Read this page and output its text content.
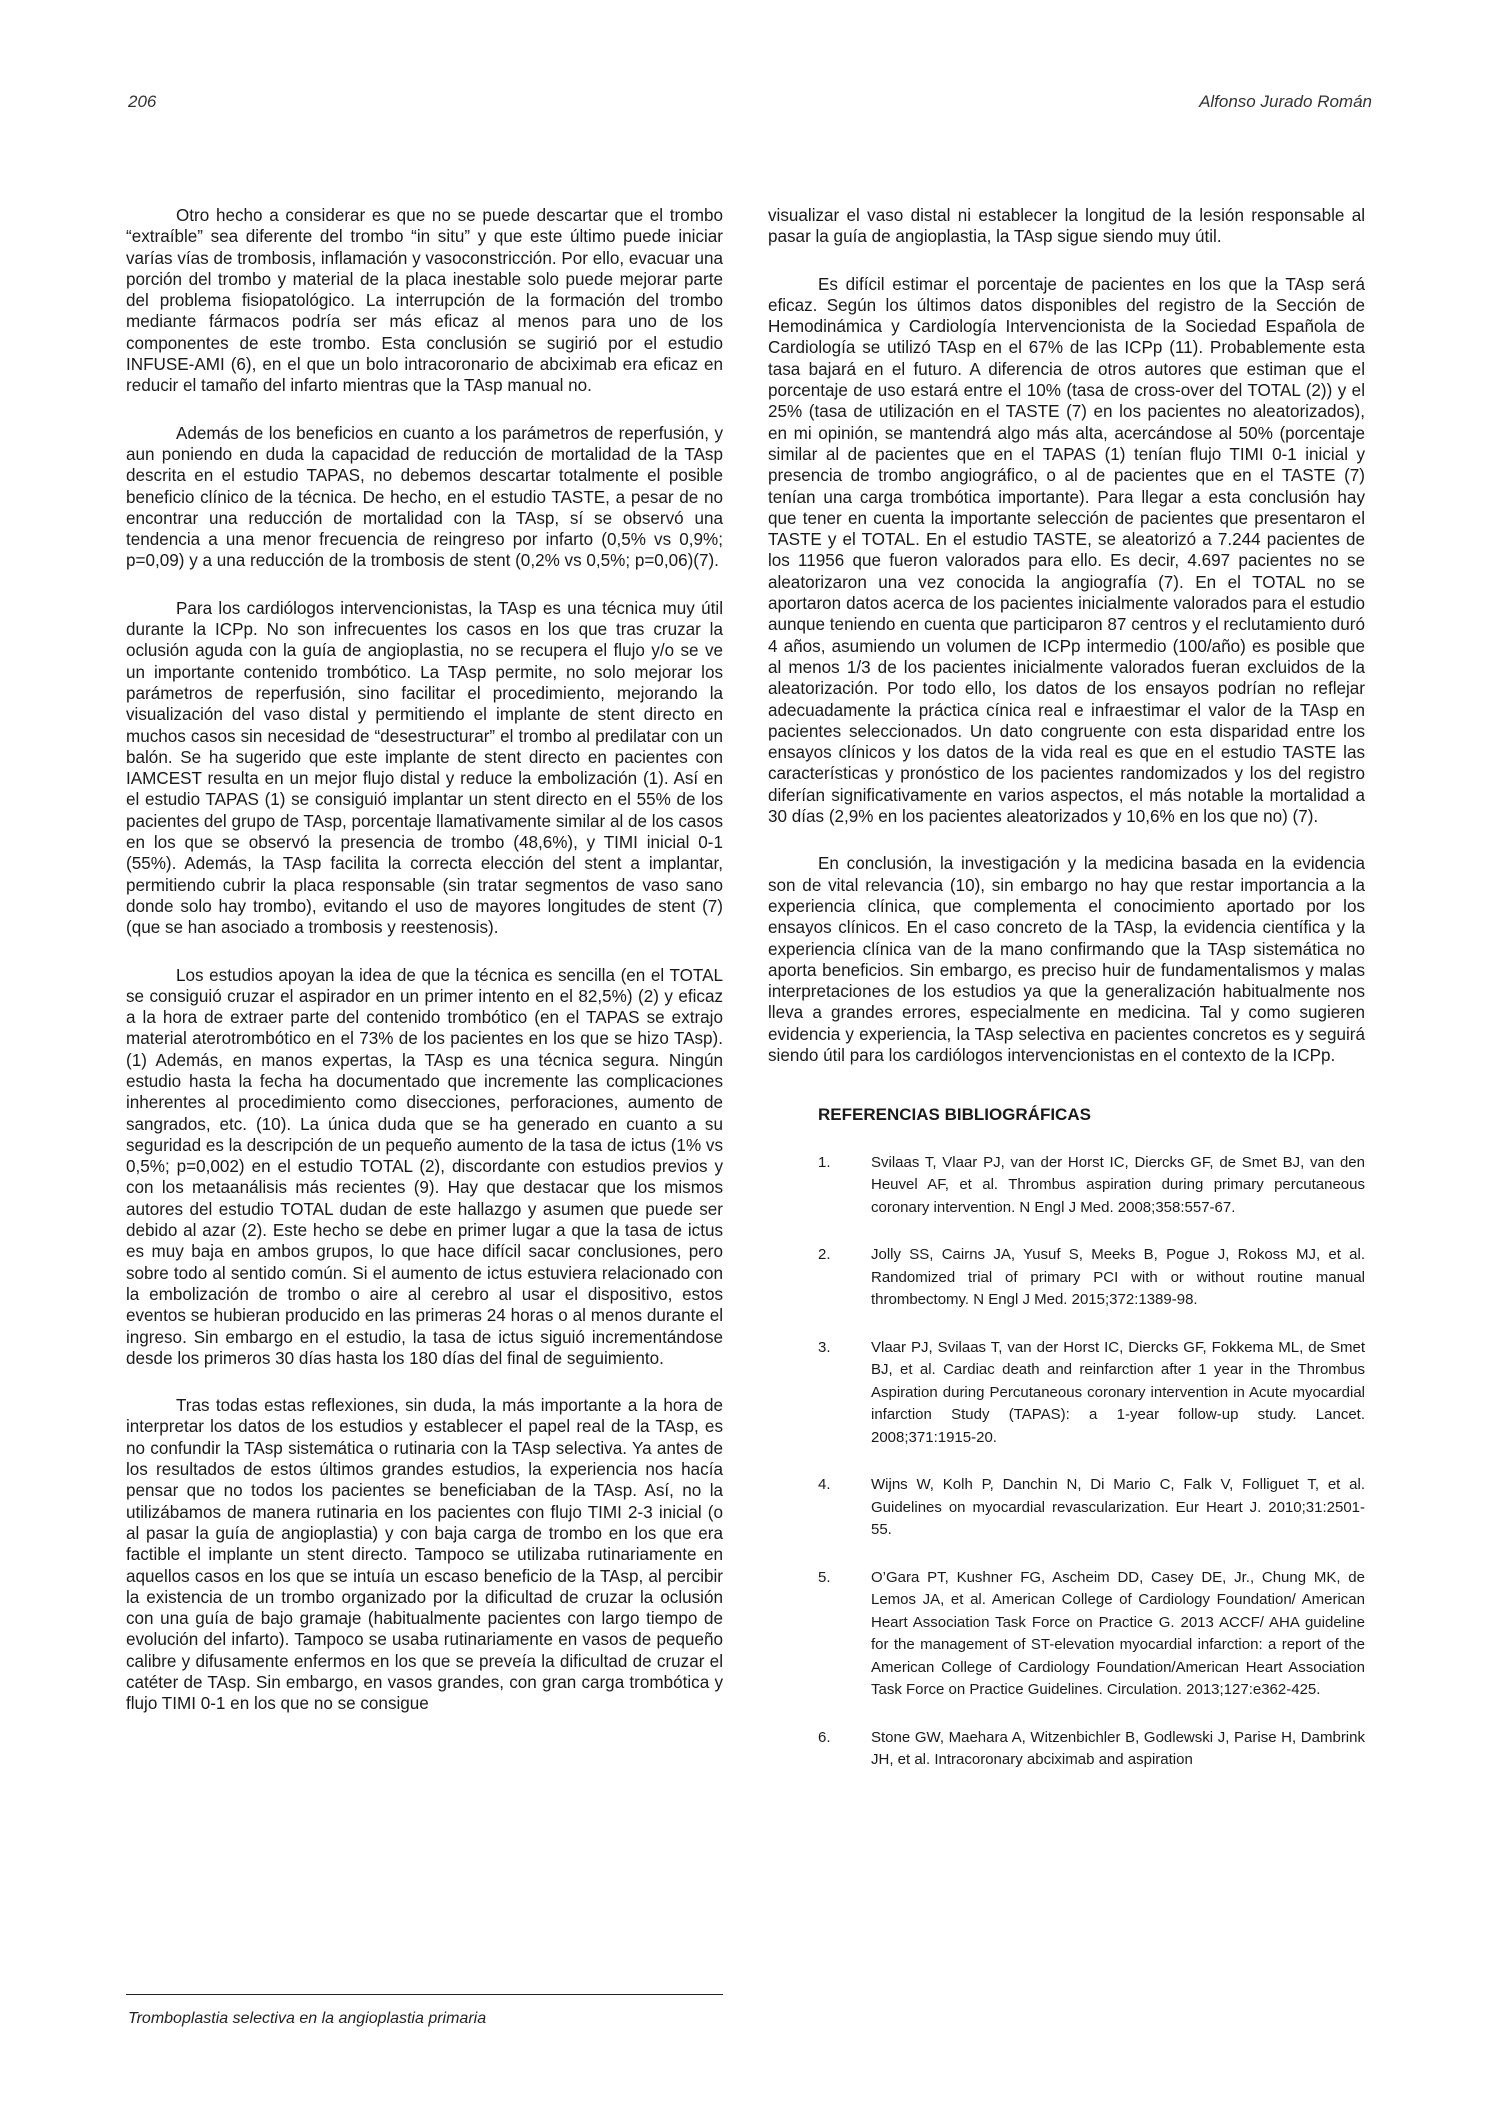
206	Alfonso Jurado Román

Otro hecho a considerar es que no se puede descartar que el trombo “extraíble” sea diferente del trombo “in situ” y que este último puede iniciar varías vías de trombosis, inflamación y vasoconstricción. Por ello, evacuar una porción del trombo y material de la placa inestable solo puede mejorar parte del problema fisiopatológico. La interrupción de la formación del trombo mediante fármacos podría ser más eficaz al menos para uno de los componentes de este trombo. Esta conclusión se sugirió por el estudio INFUSE-AMI (6), en el que un bolo intracoronario de abciximab era eficaz en reducir el tamaño del infarto mientras que la TAsp manual no.

Además de los beneficios en cuanto a los parámetros de reperfusión, y aun poniendo en duda la capacidad de reducción de mortalidad de la TAsp descrita en el estudio TAPAS, no debemos descartar totalmente el posible beneficio clínico de la técnica. De hecho, en el estudio TASTE, a pesar de no encontrar una reducción de mortalidad con la TAsp, sí se observó una tendencia a una menor frecuencia de reingreso por infarto (0,5% vs 0,9%; p=0,09) y a una reducción de la trombosis de stent (0,2% vs 0,5%; p=0,06)(7).

Para los cardiólogos intervencionistas, la TAsp es una técnica muy útil durante la ICPp. No son infrecuentes los casos en los que tras cruzar la oclusión aguda con la guía de angioplastia, no se recupera el flujo y/o se ve un importante contenido trombótico. La TAsp permite, no solo mejorar los parámetros de reperfusión, sino facilitar el procedimiento, mejorando la visualización del vaso distal y permitiendo el implante de stent directo en muchos casos sin necesidad de “desestructurar” el trombo al predilatar con un balón. Se ha sugerido que este implante de stent directo en pacientes con IAMCEST resulta en un mejor flujo distal y reduce la embolización (1). Así en el estudio TAPAS (1) se consiguió implantar un stent directo en el 55% de los pacientes del grupo de TAsp, porcentaje llamativamente similar al de los casos en los que se observó la presencia de trombo (48,6%), y TIMI inicial 0-1 (55%). Además, la TAsp facilita la correcta elección del stent a implantar, permitiendo cubrir la placa responsable (sin tratar segmentos de vaso sano donde solo hay trombo), evitando el uso de mayores longitudes de stent (7) (que se han asociado a trombosis y reestenosis).

Los estudios apoyan la idea de que la técnica es sencilla (en el TOTAL se consiguió cruzar el aspirador en un primer intento en el 82,5%) (2) y eficaz a la hora de extraer parte del contenido trombótico (en el TAPAS se extrajo material aterotrombótico en el 73% de los pacientes en los que se hizo TAsp).(1) Además, en manos expertas, la TAsp es una técnica segura. Ningún estudio hasta la fecha ha documentado que incremente las complicaciones inherentes al procedimiento como disecciones, perforaciones, aumento de sangrados, etc. (10). La única duda que se ha generado en cuanto a su seguridad es la descripción de un pequeño aumento de la tasa de ictus (1% vs 0,5%; p=0,002) en el estudio TOTAL (2), discordante con estudios previos y con los metaanálisis más recientes (9). Hay que destacar que los mismos autores del estudio TOTAL dudan de este hallazgo y asumen que puede ser debido al azar (2). Este hecho se debe en primer lugar a que la tasa de ictus es muy baja en ambos grupos, lo que hace difícil sacar conclusiones, pero sobre todo al sentido común. Si el aumento de ictus estuviera relacionado con la embolización de trombo o aire al cerebro al usar el dispositivo, estos eventos se hubieran producido en las primeras 24 horas o al menos durante el ingreso. Sin embargo en el estudio, la tasa de ictus siguió incrementándose desde los primeros 30 días hasta los 180 días del final de seguimiento.

Tras todas estas reflexiones, sin duda, la más importante a la hora de interpretar los datos de los estudios y establecer el papel real de la TAsp, es no confundir la TAsp sistemática o rutinaria con la TAsp selectiva. Ya antes de los resultados de estos últimos grandes estudios, la experiencia nos hacía pensar que no todos los pacientes se beneficiaban de la TAsp. Así, no la utilizábamos de manera rutinaria en los pacientes con flujo TIMI 2-3 inicial (o al pasar la guía de angioplastia) y con baja carga de trombo en los que era factible el implante un stent directo. Tampoco se utilizaba rutinariamente en aquellos casos en los que se intuía un escaso beneficio de la TAsp, al percibir la existencia de un trombo organizado por la dificultad de cruzar la oclusión con una guía de bajo gramaje (habitualmente pacientes con largo tiempo de evolución del infarto). Tampoco se usaba rutinariamente en vasos de pequeño calibre y difusamente enfermos en los que se preveía la dificultad de cruzar el catéter de TAsp. Sin embargo, en vasos grandes, con gran carga trombótica y flujo TIMI 0-1 en los que no se consigue

visualizar el vaso distal ni establecer la longitud de la lesión responsable al pasar la guía de angioplastia, la TAsp sigue siendo muy útil.

Es difícil estimar el porcentaje de pacientes en los que la TAsp será eficaz. Según los últimos datos disponibles del registro de la Sección de Hemodinámica y Cardiología Intervencionista de la Sociedad Española de Cardiología se utilizó TAsp en el 67% de las ICPp (11). Probablemente esta tasa bajará en el futuro. A diferencia de otros autores que estiman que el porcentaje de uso estará entre el 10% (tasa de cross-over del TOTAL (2)) y el 25% (tasa de utilización en el TASTE (7) en los pacientes no aleatorizados), en mi opinión, se mantendrá algo más alta, acercándose al 50% (porcentaje similar al de pacientes que en el TAPAS (1) tenían flujo TIMI 0-1 inicial y presencia de trombo angiográfico, o al de pacientes que en el TASTE (7) tenían una carga trombótica importante). Para llegar a esta conclusión hay que tener en cuenta la importante selección de pacientes que presentaron el TASTE y el TOTAL. En el estudio TASTE, se aleatorizó a 7.244 pacientes de los 11956 que fueron valorados para ello. Es decir, 4.697 pacientes no se aleatorizaron una vez conocida la angiografía (7). En el TOTAL no se aportaron datos acerca de los pacientes inicialmente valorados para el estudio aunque teniendo en cuenta que participaron 87 centros y el reclutamiento duró 4 años, asumiendo un volumen de ICPp intermedio (100/año) es posible que al menos 1/3 de los pacientes inicialmente valorados fueran excluidos de la aleatorización. Por todo ello, los datos de los ensayos podrían no reflejar adecuadamente la práctica cínica real e infraestimar el valor de la TAsp en pacientes seleccionados. Un dato congruente con esta disparidad entre los ensayos clínicos y los datos de la vida real es que en el estudio TASTE las características y pronóstico de los pacientes randomizados y los del registro diferían significativamente en varios aspectos, el más notable la mortalidad a 30 días (2,9% en los pacientes aleatorizados y 10,6% en los que no) (7).

En conclusión, la investigación y la medicina basada en la evidencia son de vital relevancia (10), sin embargo no hay que restar importancia a la experiencia clínica, que complementa el conocimiento aportado por los ensayos clínicos. En el caso concreto de la TAsp, la evidencia científica y la experiencia clínica van de la mano confirmando que la TAsp sistemática no aporta beneficios. Sin embargo, es preciso huir de fundamentalismos y malas interpretaciones de los estudios ya que la generalización habitualmente nos lleva a grandes errores, especialmente en medicina. Tal y como sugieren evidencia y experiencia, la TAsp selectiva en pacientes concretos es y seguirá siendo útil para los cardiólogos intervencionistas en el contexto de la ICPp.

REFERENCIAS BIBLIOGRÁFICAS
1.	Svilaas T, Vlaar PJ, van der Horst IC, Diercks GF, de Smet BJ, van den Heuvel AF, et al. Thrombus aspiration during primary percutaneous coronary intervention. N Engl J Med. 2008;358:557-67.
2.	Jolly SS, Cairns JA, Yusuf S, Meeks B, Pogue J, Rokoss MJ, et al. Randomized trial of primary PCI with or without routine manual thrombectomy. N Engl J Med. 2015;372:1389-98.
3.	Vlaar PJ, Svilaas T, van der Horst IC, Diercks GF, Fokkema ML, de Smet BJ, et al. Cardiac death and reinfarction after 1 year in the Thrombus Aspiration during Percutaneous coronary intervention in Acute myocardial infarction Study (TAPAS): a 1-year follow-up study. Lancet. 2008;371:1915-20.
4.	Wijns W, Kolh P, Danchin N, Di Mario C, Falk V, Folliguet T, et al. Guidelines on myocardial revascularization. Eur Heart J. 2010;31:2501-55.
5.	O’Gara PT, Kushner FG, Ascheim DD, Casey DE, Jr., Chung MK, de Lemos JA, et al. American College of Cardiology Foundation/ American Heart Association Task Force on Practice G. 2013 ACCF/ AHA guideline for the management of ST-elevation myocardial infarction: a report of the American College of Cardiology Foundation/American Heart Association Task Force on Practice Guidelines. Circulation. 2013;127:e362-425.
6.	Stone GW, Maehara A, Witzenbichler B, Godlewski J, Parise H, Dambrink JH, et al. Intracoronary abciximab and aspiration
Tromboplastia selectiva en la angioplastia primaria
